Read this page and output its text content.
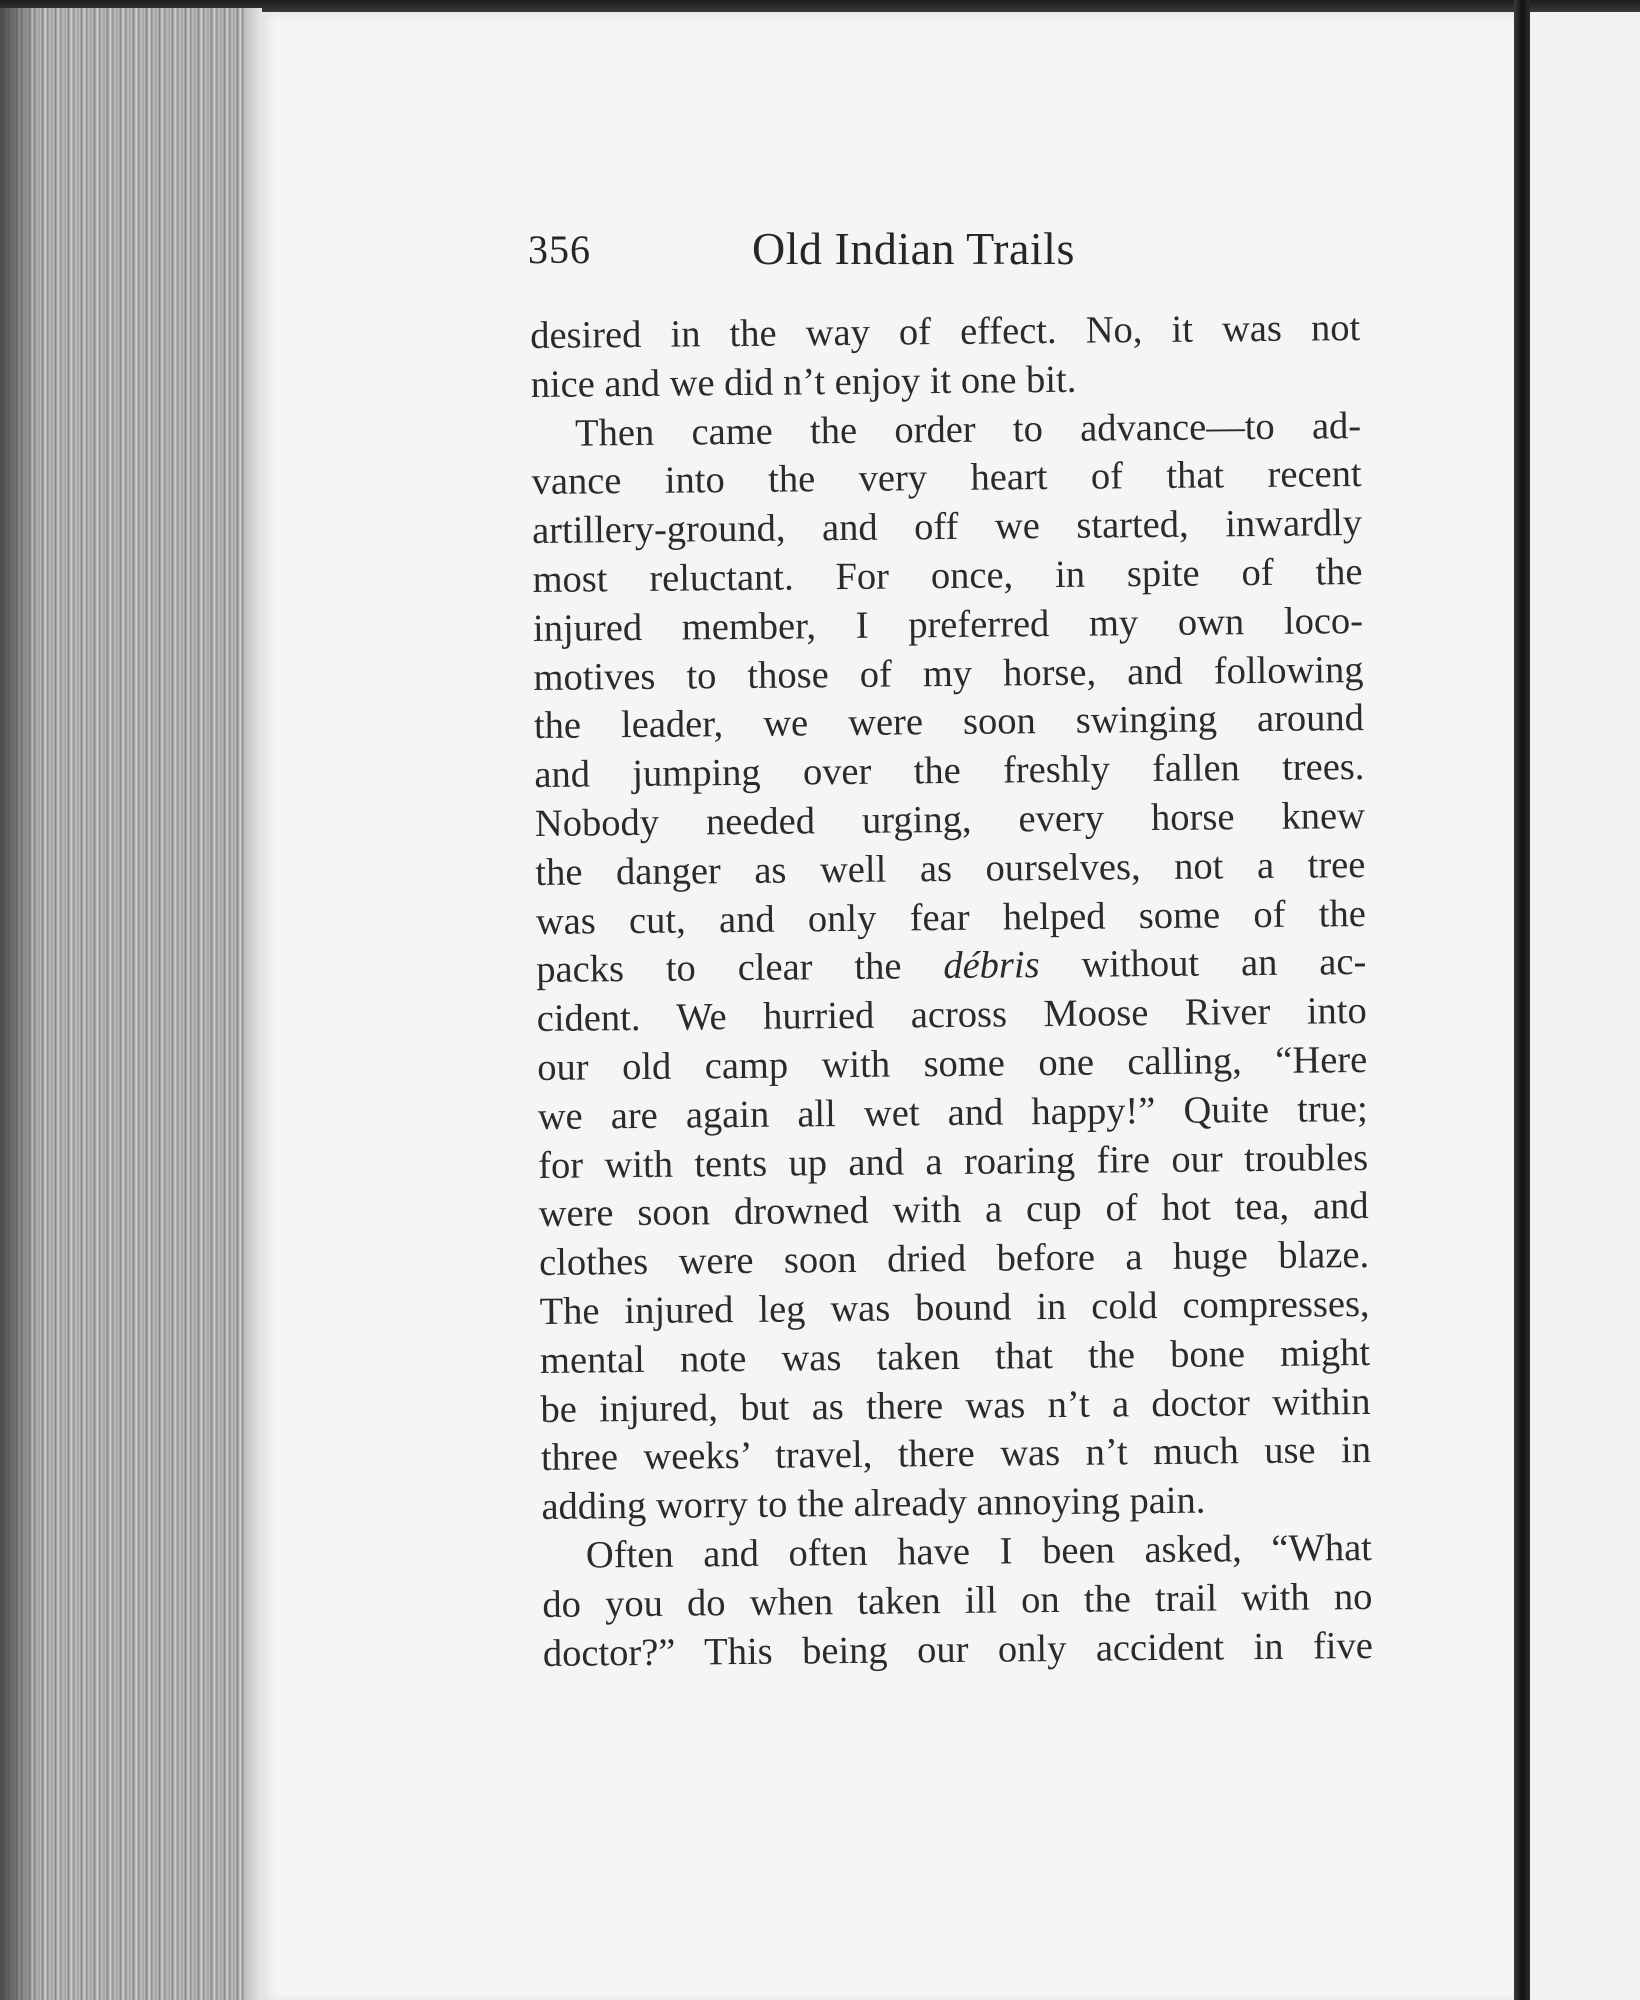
356	Old Indian Trails
desired in the way of effect. No, it was not
nice and we did n’t enjoy it one bit.
Then came the order to advance—to ad-
vance into the very heart of that recent
artillery-ground, and off we started, inwardly
most reluctant. For once, in spite of the
injured member, I preferred my own loco-
motives to those of my horse, and following
the leader, we were soon swinging around
and jumping over the freshly fallen trees.
Nobody needed urging, every horse knew
the danger as well as ourselves, not a tree
was cut, and only fear helped some of the
packs to clear the débris without an ac-
cident. We hurried across Moose River into
our old camp with some one calling, “Here
we are again all wet and happy!” Quite true;
for with tents up and a roaring fire our troubles
were soon drowned with a cup of hot tea, and
clothes were soon dried before a huge blaze.
The injured leg was bound in cold compresses,
mental note was taken that the bone might
be injured, but as there was n’t a doctor within
three weeks’ travel, there was n’t much use in
adding worry to the already annoying pain.
Often and often have I been asked, “What
do you do when taken ill on the trail with no
doctor?” This being our only accident in five
